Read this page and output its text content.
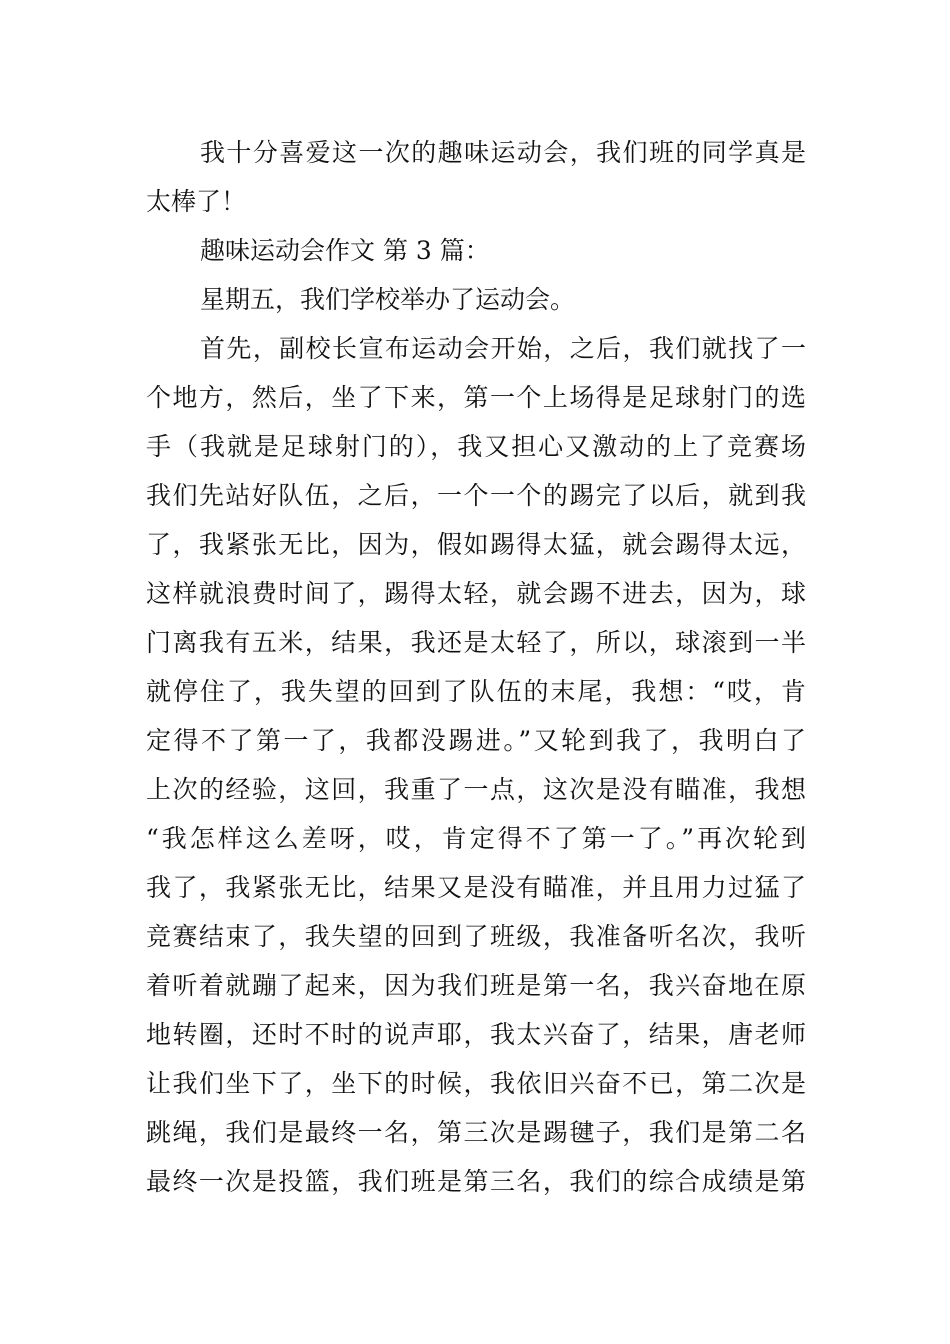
我十分喜爱这一次的趣味运动会，我们班的同学真是
太棒了！
趣味运动会作文 第 3 篇：
星期五，我们学校举办了运动会。
首先，副校长宣布运动会开始，之后，我们就找了一
个地方，然后，坐了下来，第一个上场得是足球射门的选
手（我就是足球射门的），我又担心又激动的上了竞赛场
我们先站好队伍，之后，一个一个的踢完了以后，就到我
了，我紧张无比，因为，假如踢得太猛，就会踢得太远，
这样就浪费时间了，踢得太轻，就会踢不进去，因为，球
门离我有五米，结果，我还是太轻了，所以，球滚到一半
就停住了，我失望的回到了队伍的末尾，我想：“哎，肯
定得不了第一了，我都没踢进。”又轮到我了，我明白了
上次的经验，这回，我重了一点，这次是没有瞄准，我想
“我怎样这么差呀，哎，肯定得不了第一了。”再次轮到
我了，我紧张无比，结果又是没有瞄准，并且用力过猛了
竞赛结束了，我失望的回到了班级，我准备听名次，我听
着听着就蹦了起来，因为我们班是第一名，我兴奋地在原
地转圈，还时不时的说声耶，我太兴奋了，结果，唐老师
让我们坐下了，坐下的时候，我依旧兴奋不已，第二次是
跳绳，我们是最终一名，第三次是踢毽子，我们是第二名
最终一次是投篮，我们班是第三名，我们的综合成绩是第
